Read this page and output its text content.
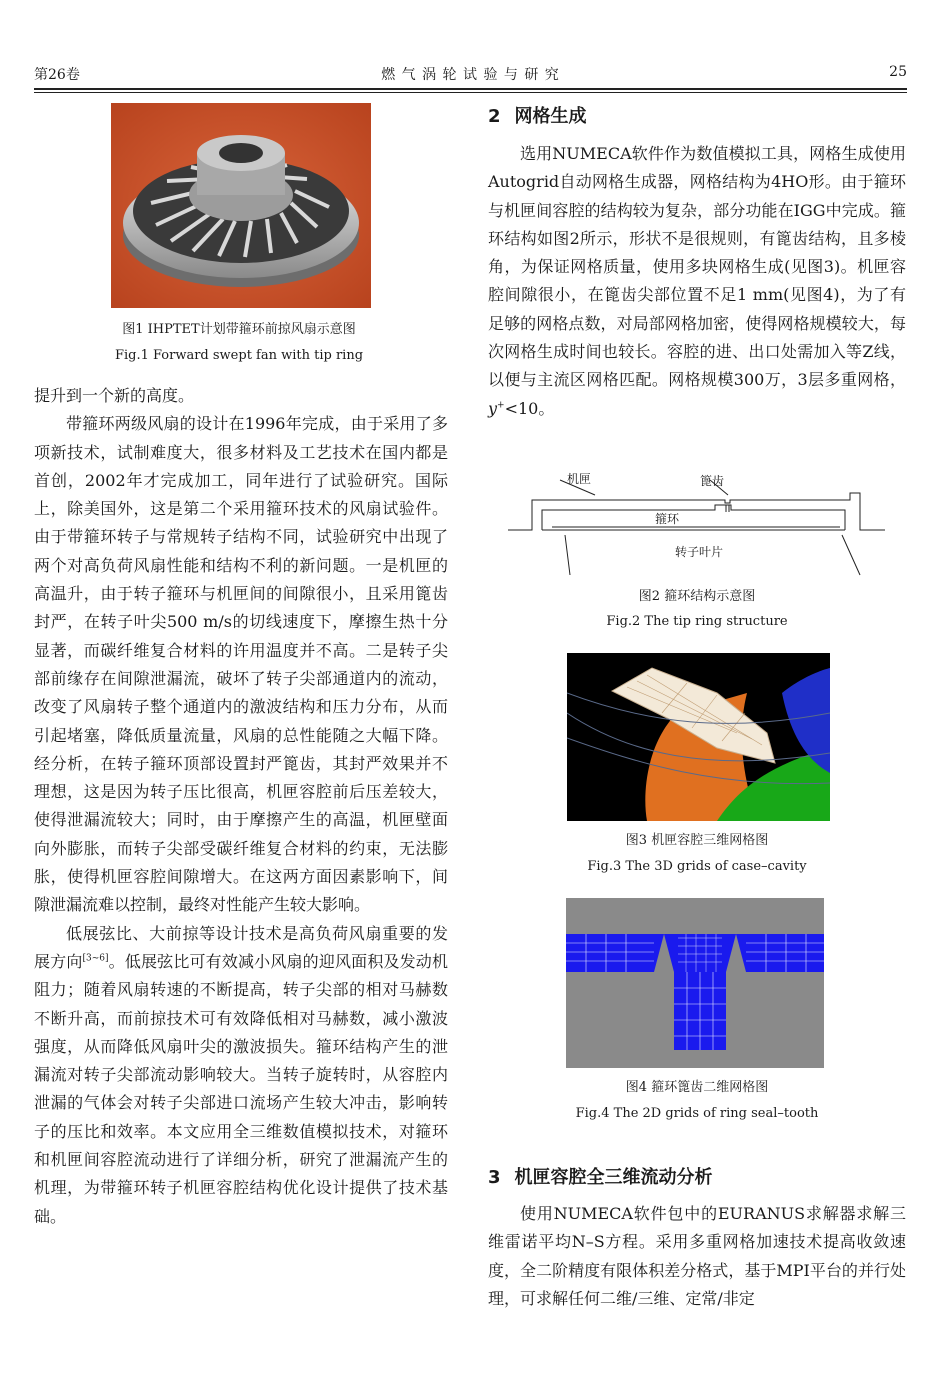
第26卷	燃 气 涡 轮 试 验 与 研 究	25
图1 IHPTET计划带箍环前掠风扇示意图
Fig.1 Forward swept fan with tip ring

提升到一个新的高度。

带箍环两级风扇的设计在1996年完成，由于采用了多项新技术，试制难度大，很多材料及工艺技术在国内都是首创，2002年才完成加工，同年进行了试验研究。国际上，除美国外，这是第二个采用箍环技术的风扇试验件。由于带箍环转子与常规转子结构不同，试验研究中出现了两个对高负荷风扇性能和结构不利的新问题。一是机匣的高温升，由于转子箍环与机匣间的间隙很小，且采用篦齿封严，在转子叶尖500 m/s的切线速度下，摩擦生热十分显著，而碳纤维复合材料的许用温度并不高。二是转子尖部前缘存在间隙泄漏流，破坏了转子尖部通道内的流动，改变了风扇转子整个通道内的激波结构和压力分布，从而引起堵塞，降低质量流量，风扇的总性能随之大幅下降。经分析，在转子箍环顶部设置封严篦齿，其封严效果并不理想，这是因为转子压比很高，机匣容腔前后压差较大，使得泄漏流较大；同时，由于摩擦产生的高温，机匣壁面向外膨胀，而转子尖部受碳纤维复合材料的约束，无法膨胀，使得机匣容腔间隙增大。在这两方面因素影响下，间隙泄漏流难以控制，最终对性能产生较大影响。

低展弦比、大前掠等设计技术是高负荷风扇重要的发展方向[3~6]。低展弦比可有效减小风扇的迎风面积及发动机阻力；随着风扇转速的不断提高，转子尖部的相对马赫数不断升高，而前掠技术可有效降低相对马赫数，减小激波强度，从而降低风扇叶尖的激波损失。箍环结构产生的泄漏流对转子尖部流动影响较大。当转子旋转时，从容腔内泄漏的气体会对转子尖部进口流场产生较大冲击，影响转子的压比和效率。本文应用全三维数值模拟技术，对箍环和机匣间容腔流动进行了详细分析，研究了泄漏流产生的机理，为带箍环转子机匣容腔结构优化设计提供了技术基础。

2 网格生成

选用NUMECA软件作为数值模拟工具，网格生成使用Autogrid自动网格生成器，网格结构为4HO形。由于箍环与机匣间容腔的结构较为复杂，部分功能在IGG中完成。箍环结构如图2所示，形状不是很规则，有篦齿结构，且多棱角，为保证网格质量，使用多块网格生成(见图3)。机匣容腔间隙很小，在篦齿尖部位置不足1 mm(见图4)，为了有足够的网格点数，对局部网格加密，使得网格规模较大，每次网格生成时间也较长。容腔的进、出口处需加入等Z线，以便与主流区网格匹配。网格规模300万，3层多重网格，y+<10。

机匣	篦齿
箍环
转子叶片
图2 箍环结构示意图
Fig.2 The tip ring structure
图3 机匣容腔三维网格图
Fig.3 The 3D grids of case–cavity
图4 箍环篦齿二维网格图
Fig.4 The 2D grids of ring seal–tooth
3 机匣容腔全三维流动分析

使用NUMECA软件包中的EURANUS求解器求解三维雷诺平均N–S方程。采用多重网格加速技术提高收敛速度，全二阶精度有限体积差分格式，基于MPI平台的并行处理，可求解任何二维/三维、定常/非定
